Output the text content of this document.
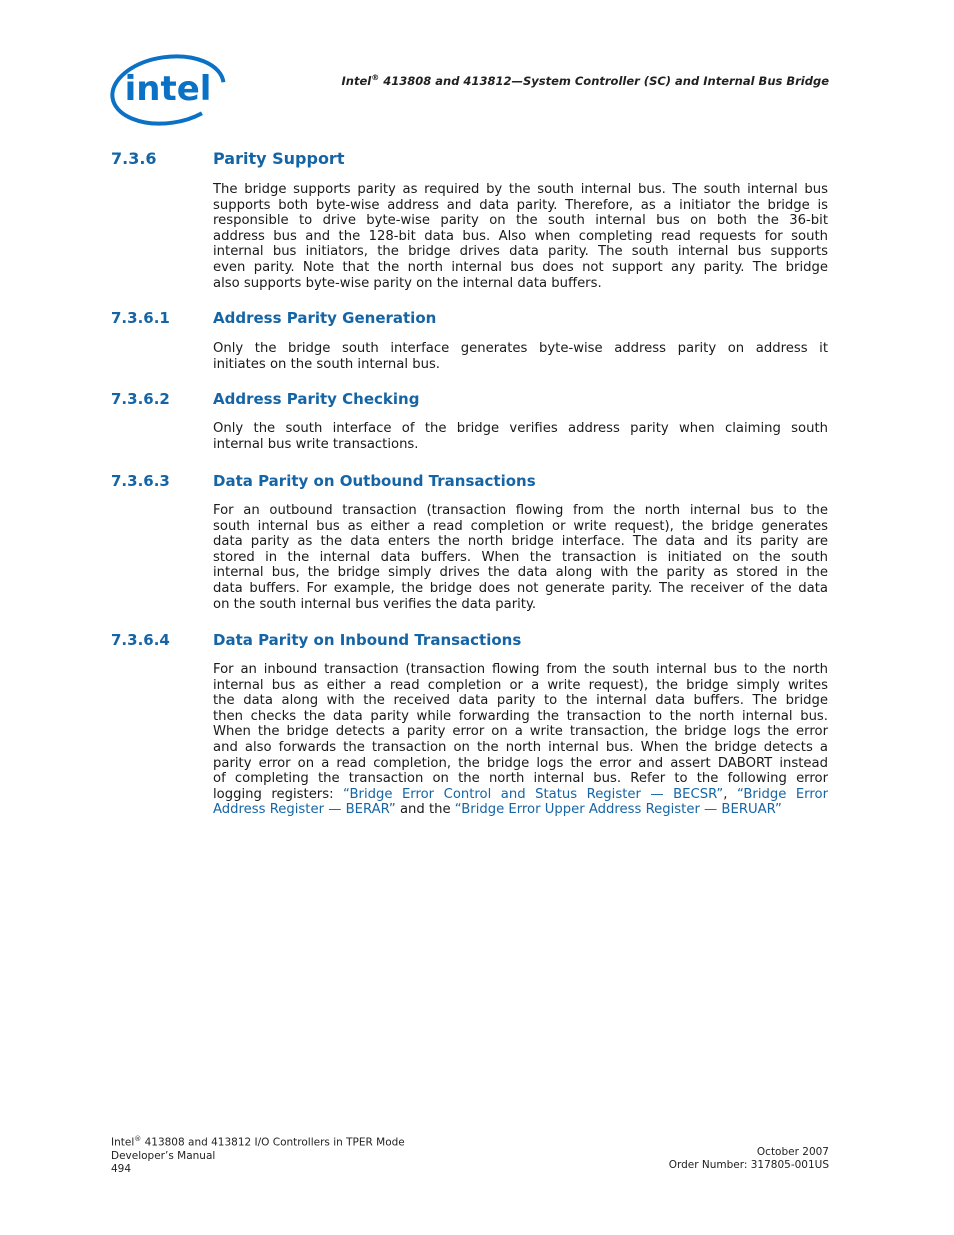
intel	Intel® 413808 and 413812—System Controller (SC) and Internal Bus Bridge
7.3.6	Parity Support
The bridge supports parity as required by the south internal bus. The south internal bus
supports both byte-wise address and data parity. Therefore, as a initiator the bridge is
responsible to drive byte-wise parity on the south internal bus on both the 36-bit
address bus and the 128-bit data bus. Also when completing read requests for south
internal bus initiators, the bridge drives data parity. The south internal bus supports
even parity. Note that the north internal bus does not support any parity. The bridge
also supports byte-wise parity on the internal data buffers.
7.3.6.1	Address Parity Generation
Only the bridge south interface generates byte-wise address parity on address it
initiates on the south internal bus.
7.3.6.2	Address Parity Checking
Only the south interface of the bridge verifies address parity when claiming south
internal bus write transactions.
7.3.6.3	Data Parity on Outbound Transactions
For an outbound transaction (transaction flowing from the north internal bus to the
south internal bus as either a read completion or write request), the bridge generates
data parity as the data enters the north bridge interface. The data and its parity are
stored in the internal data buffers. When the transaction is initiated on the south
internal bus, the bridge simply drives the data along with the parity as stored in the
data buffers. For example, the bridge does not generate parity. The receiver of the data
on the south internal bus verifies the data parity.
7.3.6.4	Data Parity on Inbound Transactions
For an inbound transaction (transaction flowing from the south internal bus to the north
internal bus as either a read completion or a write request), the bridge simply writes
the data along with the received data parity to the internal data buffers. The bridge
then checks the data parity while forwarding the transaction to the north internal bus.
When the bridge detects a parity error on a write transaction, the bridge logs the error
and also forwards the transaction on the north internal bus. When the bridge detects a
parity error on a read completion, the bridge logs the error and assert DABORT instead
of completing the transaction on the north internal bus. Refer to the following error
logging registers: “Bridge Error Control and Status Register — BECSR”, “Bridge Error
Address Register — BERAR” and the “Bridge Error Upper Address Register — BERUAR”
Intel® 413808 and 413812 I/O Controllers in TPER Mode
Developer’s Manual
494
October 2007
Order Number: 317805-001US
